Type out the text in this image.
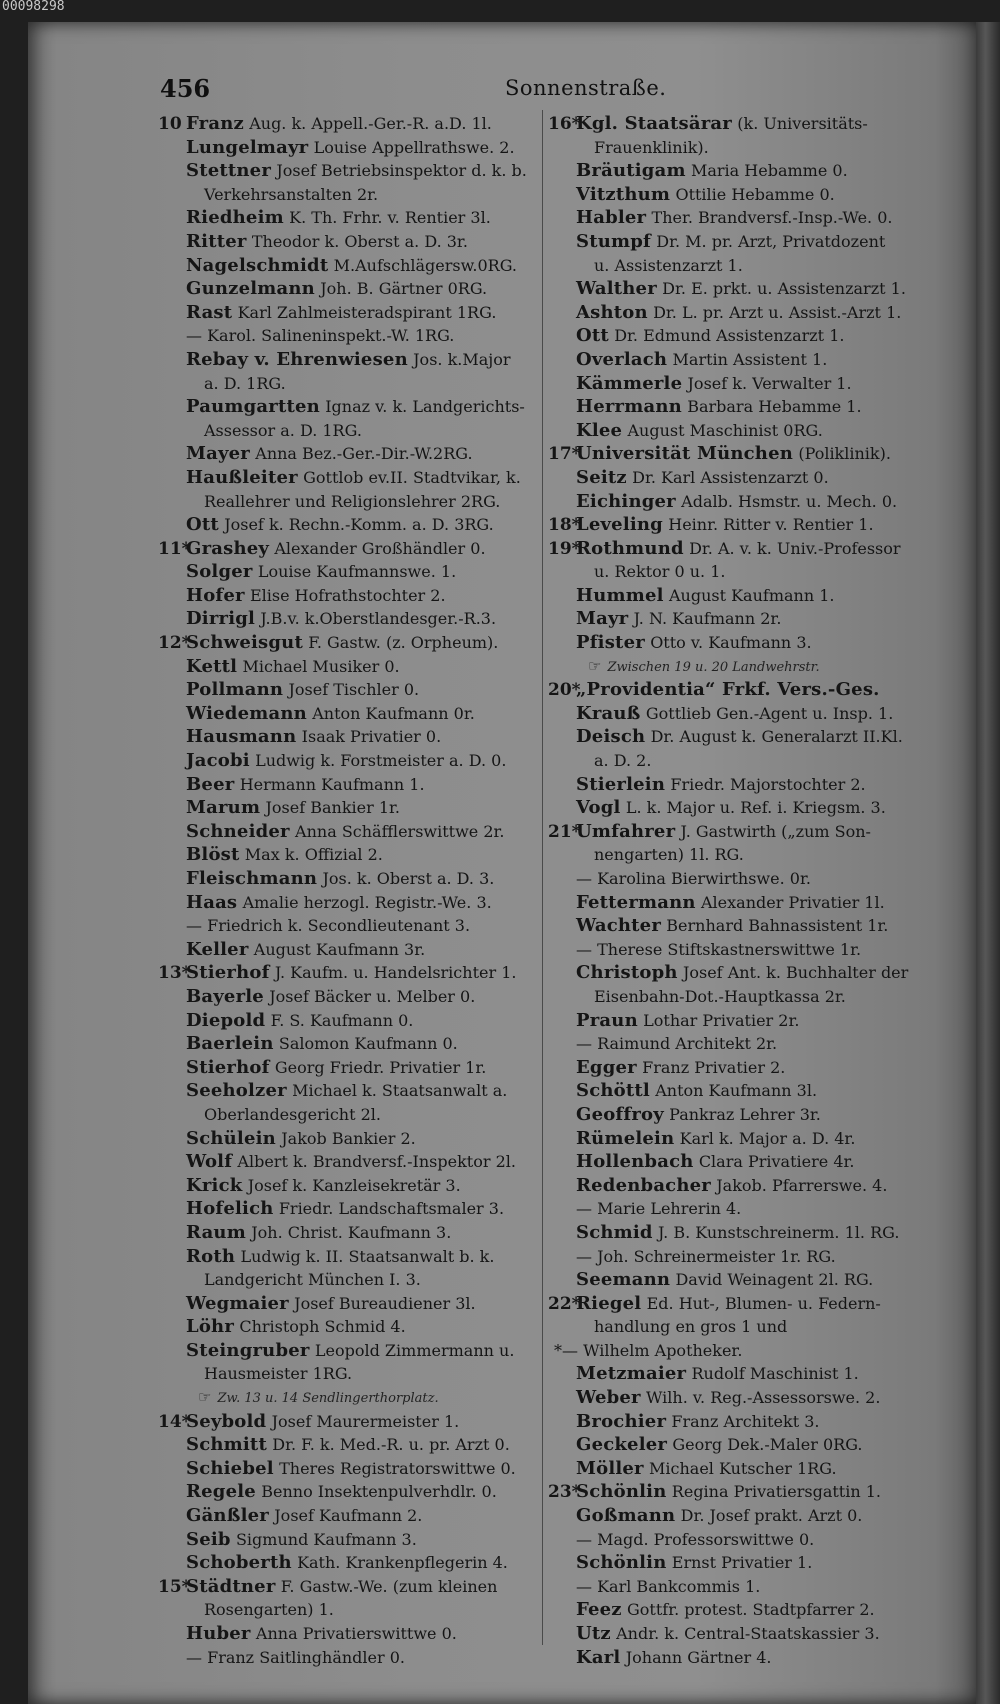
00098298
456	Sonnenstraße.
10 Franz Aug. k. Appell.-Ger.-R. a.D. 1l.
Lungelmayr Louise Appellrathswe. 2.
Stettner Josef Betriebsinspektor d. k. b.
Verkehrsanstalten 2r.
Riedheim K. Th. Frhr. v. Rentier 3l.
Ritter Theodor k. Oberst a. D. 3r.
Nagelschmidt M.Aufschlägersw.0RG.
Gunzelmann Joh. B. Gärtner 0RG.
Rast Karl Zahlmeisteradspirant 1RG.
— Karol. Salineninspekt.-W. 1RG.
Rebay v. Ehrenwiesen Jos. k.Major
a. D. 1RG.
Paumgartten Ignaz v. k. Landgerichts-
Assessor a. D. 1RG.
Mayer Anna Bez.-Ger.-Dir.-W.2RG.
Haußleiter Gottlob ev.II. Stadtvikar, k.
Reallehrer und Religionslehrer 2RG.
Ott Josef k. Rechn.-Komm. a. D. 3RG.
11*Grashey Alexander Großhändler 0.
Solger Louise Kaufmannswe. 1.
Hofer Elise Hofrathstochter 2.
Dirrigl J.B.v. k.Oberstlandesger.-R.3.
12*Schweisgut F. Gastw. (z. Orpheum).
Kettl Michael Musiker 0.
Pollmann Josef Tischler 0.
Wiedemann Anton Kaufmann 0r.
Hausmann Isaak Privatier 0.
Jacobi Ludwig k. Forstmeister a. D. 0.
Beer Hermann Kaufmann 1.
Marum Josef Bankier 1r.
Schneider Anna Schäfflerswittwe 2r.
Blöst Max k. Offizial 2.
Fleischmann Jos. k. Oberst a. D. 3.
Haas Amalie herzogl. Registr.-We. 3.
— Friedrich k. Secondlieutenant 3.
Keller August Kaufmann 3r.
13*Stierhof J. Kaufm. u. Handelsrichter 1.
Bayerle Josef Bäcker u. Melber 0.
Diepold F. S. Kaufmann 0.
Baerlein Salomon Kaufmann 0.
Stierhof Georg Friedr. Privatier 1r.
Seeholzer Michael k. Staatsanwalt a.
Oberlandesgericht 2l.
Schülein Jakob Bankier 2.
Wolf Albert k. Brandversf.-Inspektor 2l.
Krick Josef k. Kanzleisekretär 3.
Hofelich Friedr. Landschaftsmaler 3.
Raum Joh. Christ. Kaufmann 3.
Roth Ludwig k. II. Staatsanwalt b. k.
Landgericht München I. 3.
Wegmaier Josef Bureaudiener 3l.
Löhr Christoph Schmid 4.
Steingruber Leopold Zimmermann u.
Hausmeister 1RG.
☞ Zw. 13 u. 14 Sendlingerthorplatz.
14*Seybold Josef Maurermeister 1.
Schmitt Dr. F. k. Med.-R. u. pr. Arzt 0.
Schiebel Theres Registratorswittwe 0.
Regele Benno Insektenpulverhdlr. 0.
Gänßler Josef Kaufmann 2.
Seib Sigmund Kaufmann 3.
Schoberth Kath. Krankenpflegerin 4.
15*Städtner F. Gastw.-We. (zum kleinen
Rosengarten) 1.
Huber Anna Privatierswittwe 0.
— Franz Saitlinghändler 0.
16*Kgl. Staatsärar (k. Universitäts-
Frauenklinik).
Bräutigam Maria Hebamme 0.
Vitzthum Ottilie Hebamme 0.
Habler Ther. Brandversf.-Insp.-We. 0.
Stumpf Dr. M. pr. Arzt, Privatdozent
u. Assistenzarzt 1.
Walther Dr. E. prkt. u. Assistenzarzt 1.
Ashton Dr. L. pr. Arzt u. Assist.-Arzt 1.
Ott Dr. Edmund Assistenzarzt 1.
Overlach Martin Assistent 1.
Kämmerle Josef k. Verwalter 1.
Herrmann Barbara Hebamme 1.
Klee August Maschinist 0RG.
17*Universität München (Poliklinik).
Seitz Dr. Karl Assistenzarzt 0.
Eichinger Adalb. Hsmstr. u. Mech. 0.
18*Leveling Heinr. Ritter v. Rentier 1.
19*Rothmund Dr. A. v. k. Univ.-Professor
u. Rektor 0 u. 1.
Hummel August Kaufmann 1.
Mayr J. N. Kaufmann 2r.
Pfister Otto v. Kaufmann 3.
☞ Zwischen 19 u. 20 Landwehrstr.
20*„Providentia“ Frkf. Vers.-Ges.
Krauß Gottlieb Gen.-Agent u. Insp. 1.
Deisch Dr. August k. Generalarzt II.Kl.
a. D. 2.
Stierlein Friedr. Majorstochter 2.
Vogl L. k. Major u. Ref. i. Kriegsm. 3.
21*Umfahrer J. Gastwirth („zum Son-
nengarten) 1l. RG.
— Karolina Bierwirthswe. 0r.
Fettermann Alexander Privatier 1l.
Wachter Bernhard Bahnassistent 1r.
— Therese Stiftskastnerswittwe 1r.
Christoph Josef Ant. k. Buchhalter der
Eisenbahn-Dot.-Hauptkassa 2r.
Praun Lothar Privatier 2r.
— Raimund Architekt 2r.
Egger Franz Privatier 2.
Schöttl Anton Kaufmann 3l.
Geoffroy Pankraz Lehrer 3r.
Rümelein Karl k. Major a. D. 4r.
Hollenbach Clara Privatiere 4r.
Redenbacher Jakob. Pfarrerswe. 4.
— Marie Lehrerin 4.
Schmid J. B. Kunstschreinerm. 1l. RG.
— Joh. Schreinermeister 1r. RG.
Seemann David Weinagent 2l. RG.
22*Riegel Ed. Hut-, Blumen- u. Federn-
handlung en gros 1 und
*— Wilhelm Apotheker.
Metzmaier Rudolf Maschinist 1.
Weber Wilh. v. Reg.-Assessorswe. 2.
Brochier Franz Architekt 3.
Geckeler Georg Dek.-Maler 0RG.
Möller Michael Kutscher 1RG.
23*Schönlin Regina Privatiersgattin 1.
Goßmann Dr. Josef prakt. Arzt 0.
— Magd. Professorswittwe 0.
Schönlin Ernst Privatier 1.
— Karl Bankcommis 1.
Feez Gottfr. protest. Stadtpfarrer 2.
Utz Andr. k. Central-Staatskassier 3.
Karl Johann Gärtner 4.
